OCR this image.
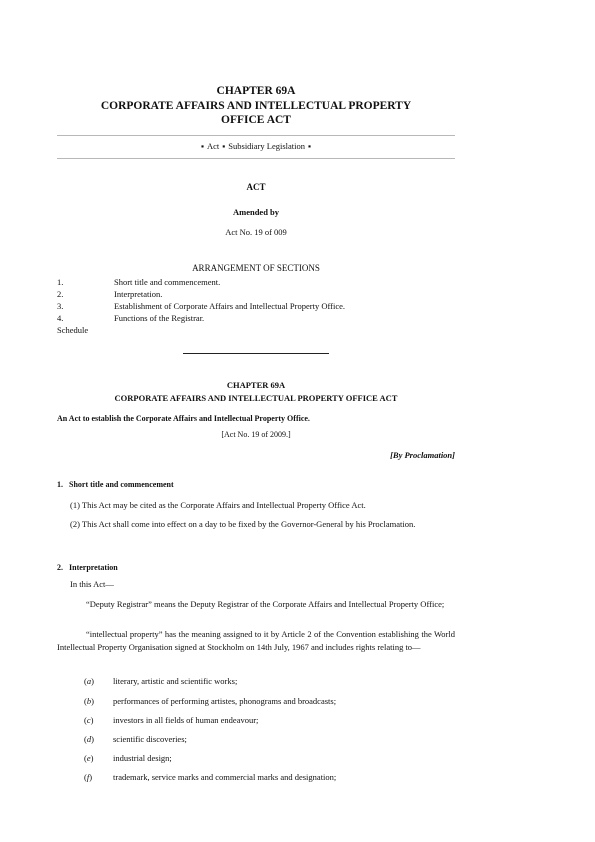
CHAPTER 69A
CORPORATE AFFAIRS AND INTELLECTUAL PROPERTY
OFFICE ACT
▪ Act ▪ Subsidiary Legislation ▪
ACT
Amended by
Act No. 19 of 009
ARRANGEMENT OF SECTIONS
1.	Short title and commencement.
2.	Interpretation.
3.	Establishment of Corporate Affairs and Intellectual Property Office.
4.	Functions of the Registrar.
Schedule
CHAPTER 69A
CORPORATE AFFAIRS AND INTELLECTUAL PROPERTY OFFICE ACT
An Act to establish the Corporate Affairs and Intellectual Property Office.
[Act No. 19 of 2009.]
[By Proclamation]
1. Short title and commencement
(1) This Act may be cited as the Corporate Affairs and Intellectual Property Office Act.
(2) This Act shall come into effect on a day to be fixed by the Governor-General by his Proclamation.
2. Interpretation
In this Act—
“Deputy Registrar” means the Deputy Registrar of the Corporate Affairs and Intellectual Property Office;
“intellectual property” has the meaning assigned to it by Article 2 of the Convention establishing the World Intellectual Property Organisation signed at Stockholm on 14th July, 1967 and includes rights relating to—
(a) literary, artistic and scientific works;
(b) performances of performing artistes, phonograms and broadcasts;
(c) investors in all fields of human endeavour;
(d) scientific discoveries;
(e) industrial design;
(f) trademark, service marks and commercial marks and designation;
